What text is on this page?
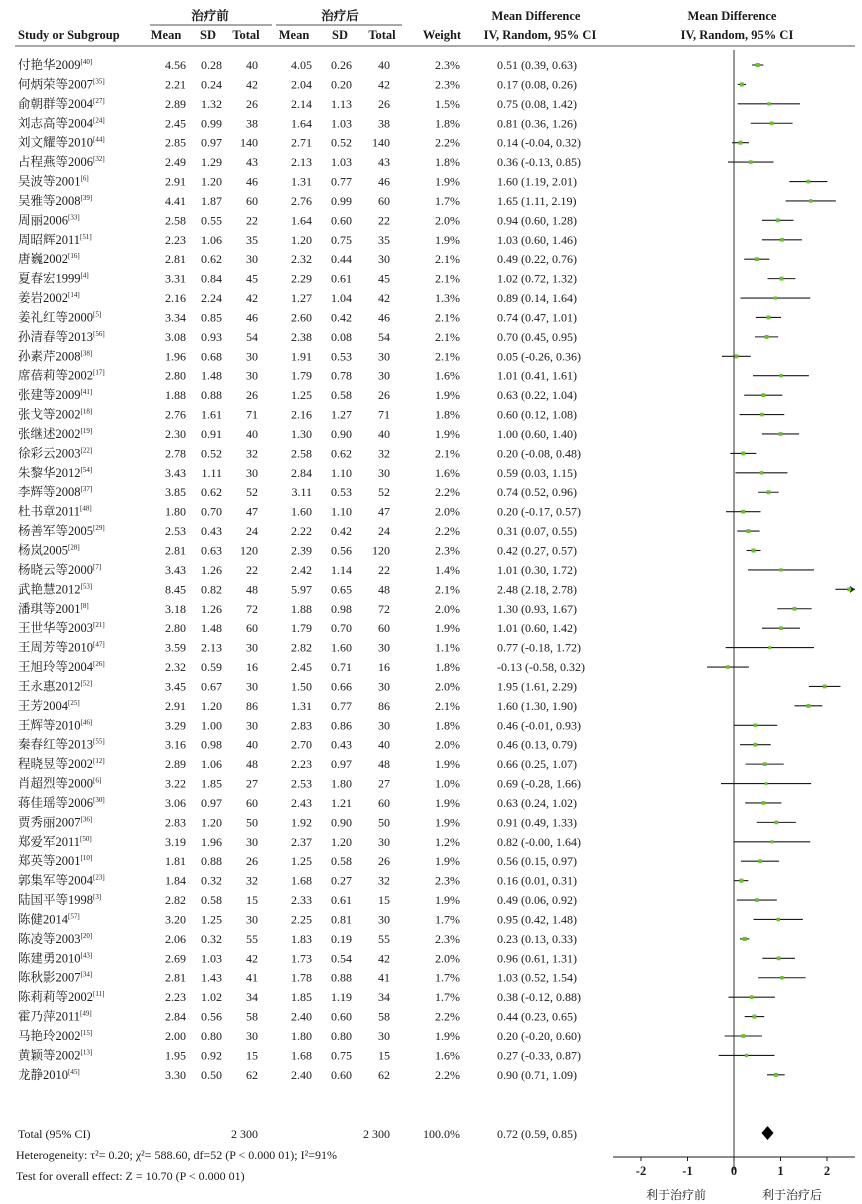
治疗前	治疗后	Mean Difference	Mean Difference
Study or Subgroup Mean SD Total Mean SD Total Weight IV, Random, 95% CI	IV, Random, 95% CI
付艳华2009[40]	4.56 0.28 40	4.05 0.26 40	2.3%	0.51 (0.39, 0.63)
何炳荣等2007[35]	2.21 0.24 42	2.04 0.20 42	2.3%	0.17 (0.08, 0.26)
俞朝群等2004[27]	2.89 1.32 26	2.14 1.13 26	1.5%	0.75 (0.08, 1.42)
刘志高等2004[24]	2.45 0.99 38	1.64 1.03 38	1.8%	0.81 (0.36, 1.26)
刘文耀等2010[44]	2.85 0.97 140	2.71 0.52 140	2.2%	0.14 (-0.04, 0.32)
占程燕等2006[32]	2.49 1.29 43	2.13 1.03 43	1.8%	0.36 (-0.13, 0.85)
吴波等2001[6]	2.91 1.20 46	1.31 0.77 46	1.9%	1.60 (1.19, 2.01)
吴雅等2008[39]	4.41 1.87 60	2.76 0.99 60	1.7%	1.65 (1.11, 2.19)
周丽2006[33]	2.58 0.55 22	1.64 0.60 22	2.0%	0.94 (0.60, 1.28)
周昭辉2011[51]	2.23 1.06 35	1.20 0.75 35	1.9%	1.03 (0.60, 1.46)
唐巍2002[16]	2.81 0.62 30	2.32 0.44 30	2.1%	0.49 (0.22, 0.76)
夏春宏1999[4]	3.31 0.84 45	2.29 0.61 45	2.1%	1.02 (0.72, 1.32)
姜岩2002[14]	2.16 2.24 42	1.27 1.04 42	1.3%	0.89 (0.14, 1.64)
姜礼红等2000[5]	3.34 0.85 46	2.60 0.42 46	2.1%	0.74 (0.47, 1.01)
孙清春等2013[56]	3.08 0.93 54	2.38 0.08 54	2.1%	0.70 (0.45, 0.95)
孙素芹2008[38]	1.96 0.68 30	1.91 0.53 30	2.1%	0.05 (-0.26, 0.36)
席蓓莉等2002[17]	2.80 1.48 30	1.79 0.78 30	1.6%	1.01 (0.41, 1.61)
张建等2009[41]	1.88 0.88 26	1.25 0.58 26	1.9%	0.63 (0.22, 1.04)
张戈等2002[18]	2.76 1.61 71	2.16 1.27 71	1.8%	0.60 (0.12, 1.08)
张继述2002[19]	2.30 0.91 40	1.30 0.90 40	1.9%	1.00 (0.60, 1.40)
徐彩云2003[22]	2.78 0.52 32	2.58 0.62 32	2.1%	0.20 (-0.08, 0.48)
朱黎华2012[54]	3.43 1.11 30	2.84 1.10 30	1.6%	0.59 (0.03, 1.15)
李辉等2008[37]	3.85 0.62 52	3.11 0.53 52	2.2%	0.74 (0.52, 0.96)
杜书章2011[48]	1.80 0.70 47	1.60 1.10 47	2.0%	0.20 (-0.17, 0.57)
杨善军等2005[29]	2.53 0.43 24	2.22 0.42 24	2.2%	0.31 (0.07, 0.55)
杨岚2005[28]	2.81 0.63 120	2.39 0.56 120	2.3%	0.42 (0.27, 0.57)
杨晓云等2000[7]	3.43 1.26 22	2.42 1.14 22	1.4%	1.01 (0.30, 1.72)
武艳慧2012[53]	8.45 0.82 48	5.97 0.65 48	2.1%	2.48 (2.18, 2.78)
潘琪等2001[8]	3.18 1.26 72	1.88 0.98 72	2.0%	1.30 (0.93, 1.67)
王世华等2003[21]	2.80 1.48 60	1.79 0.70 60	1.9%	1.01 (0.60, 1.42)
王周芳等2010[47]	3.59 2.13 30	2.82 1.60 30	1.1%	0.77 (-0.18, 1.72)
王旭玲等2004[26]	2.32 0.59 16	2.45 0.71 16	1.8%	-0.13 (-0.58, 0.32)
王永惠2012[52]	3.45 0.67 30	1.50 0.66 30	2.0%	1.95 (1.61, 2.29)
王芳2004[25]	2.91 1.20 86	1.31 0.77 86	2.1%	1.60 (1.30, 1.90)
王辉等2010[46]	3.29 1.00 30	2.83 0.86 30	1.8%	0.46 (-0.01, 0.93)
秦春红等2013[55]	3.16 0.98 40	2.70 0.43 40	2.0%	0.46 (0.13, 0.79)
程晓昱等2002[12]	2.89 1.06 48	2.23 0.97 48	1.9%	0.66 (0.25, 1.07)
肖超烈等2000[6]	3.22 1.85 27	2.53 1.80 27	1.0%	0.69 (-0.28, 1.66)
蒋佳瑶等2006[30]	3.06 0.97 60	2.43 1.21 60	1.9%	0.63 (0.24, 1.02)
贾秀丽2007[36]	2.83 1.20 50	1.92 0.90 50	1.9%	0.91 (0.49, 1.33)
郑爱军2011[50]	3.19 1.96 30	2.37 1.20 30	1.2%	0.82 (-0.00, 1.64)
郑英等2001[10]	1.81 0.88 26	1.25 0.58 26	1.9%	0.56 (0.15, 0.97)
郭集军等2004[23]	1.84 0.32 32	1.68 0.27 32	2.3%	0.16 (0.01, 0.31)
陆国平等1998[3]	2.82 0.58 15	2.33 0.61 15	1.9%	0.49 (0.06, 0.92)
陈健2014[57]	3.20 1.25 30	2.25 0.81 30	1.7%	0.95 (0.42, 1.48)
陈凌等2003[20]	2.06 0.32 55	1.83 0.19 55	2.3%	0.23 (0.13, 0.33)
陈建勇2010[43]	2.69 1.03 42	1.73 0.54 42	2.0%	0.96 (0.61, 1.31)
陈秋影2007[34]	2.81 1.43 41	1.78 0.88 41	1.7%	1.03 (0.52, 1.54)
陈莉莉等2002[11]	2.23 1.02 34	1.85 1.19 34	1.7%	0.38 (-0.12, 0.88)
霍乃萍2011[49]	2.84 0.56 58	2.40 0.60 58	2.2%	0.44 (0.23, 0.65)
马艳玲2002[15]	2.00 0.80 30	1.80 0.80 30	1.9%	0.20 (-0.20, 0.60)
黄颖等2002[13]	1.95 0.92 15	1.68 0.75 15	1.6%	0.27 (-0.33, 0.87)
龙静2010[45]	3.30 0.50 62	2.40 0.60 62	2.2%	0.90 (0.71, 1.09)
Total (95% CI)	2 300	2 300	100.0%	0.72 (0.59, 0.85)
Heterogeneity: τ²= 0.20; χ²= 588.60, df=52 (P < 0.000 01); I²=91%
Test for overall effect: Z = 10.70 (P < 0.000 01)	-2	-1	0	1	2
利于治疗前	利于治疗后
